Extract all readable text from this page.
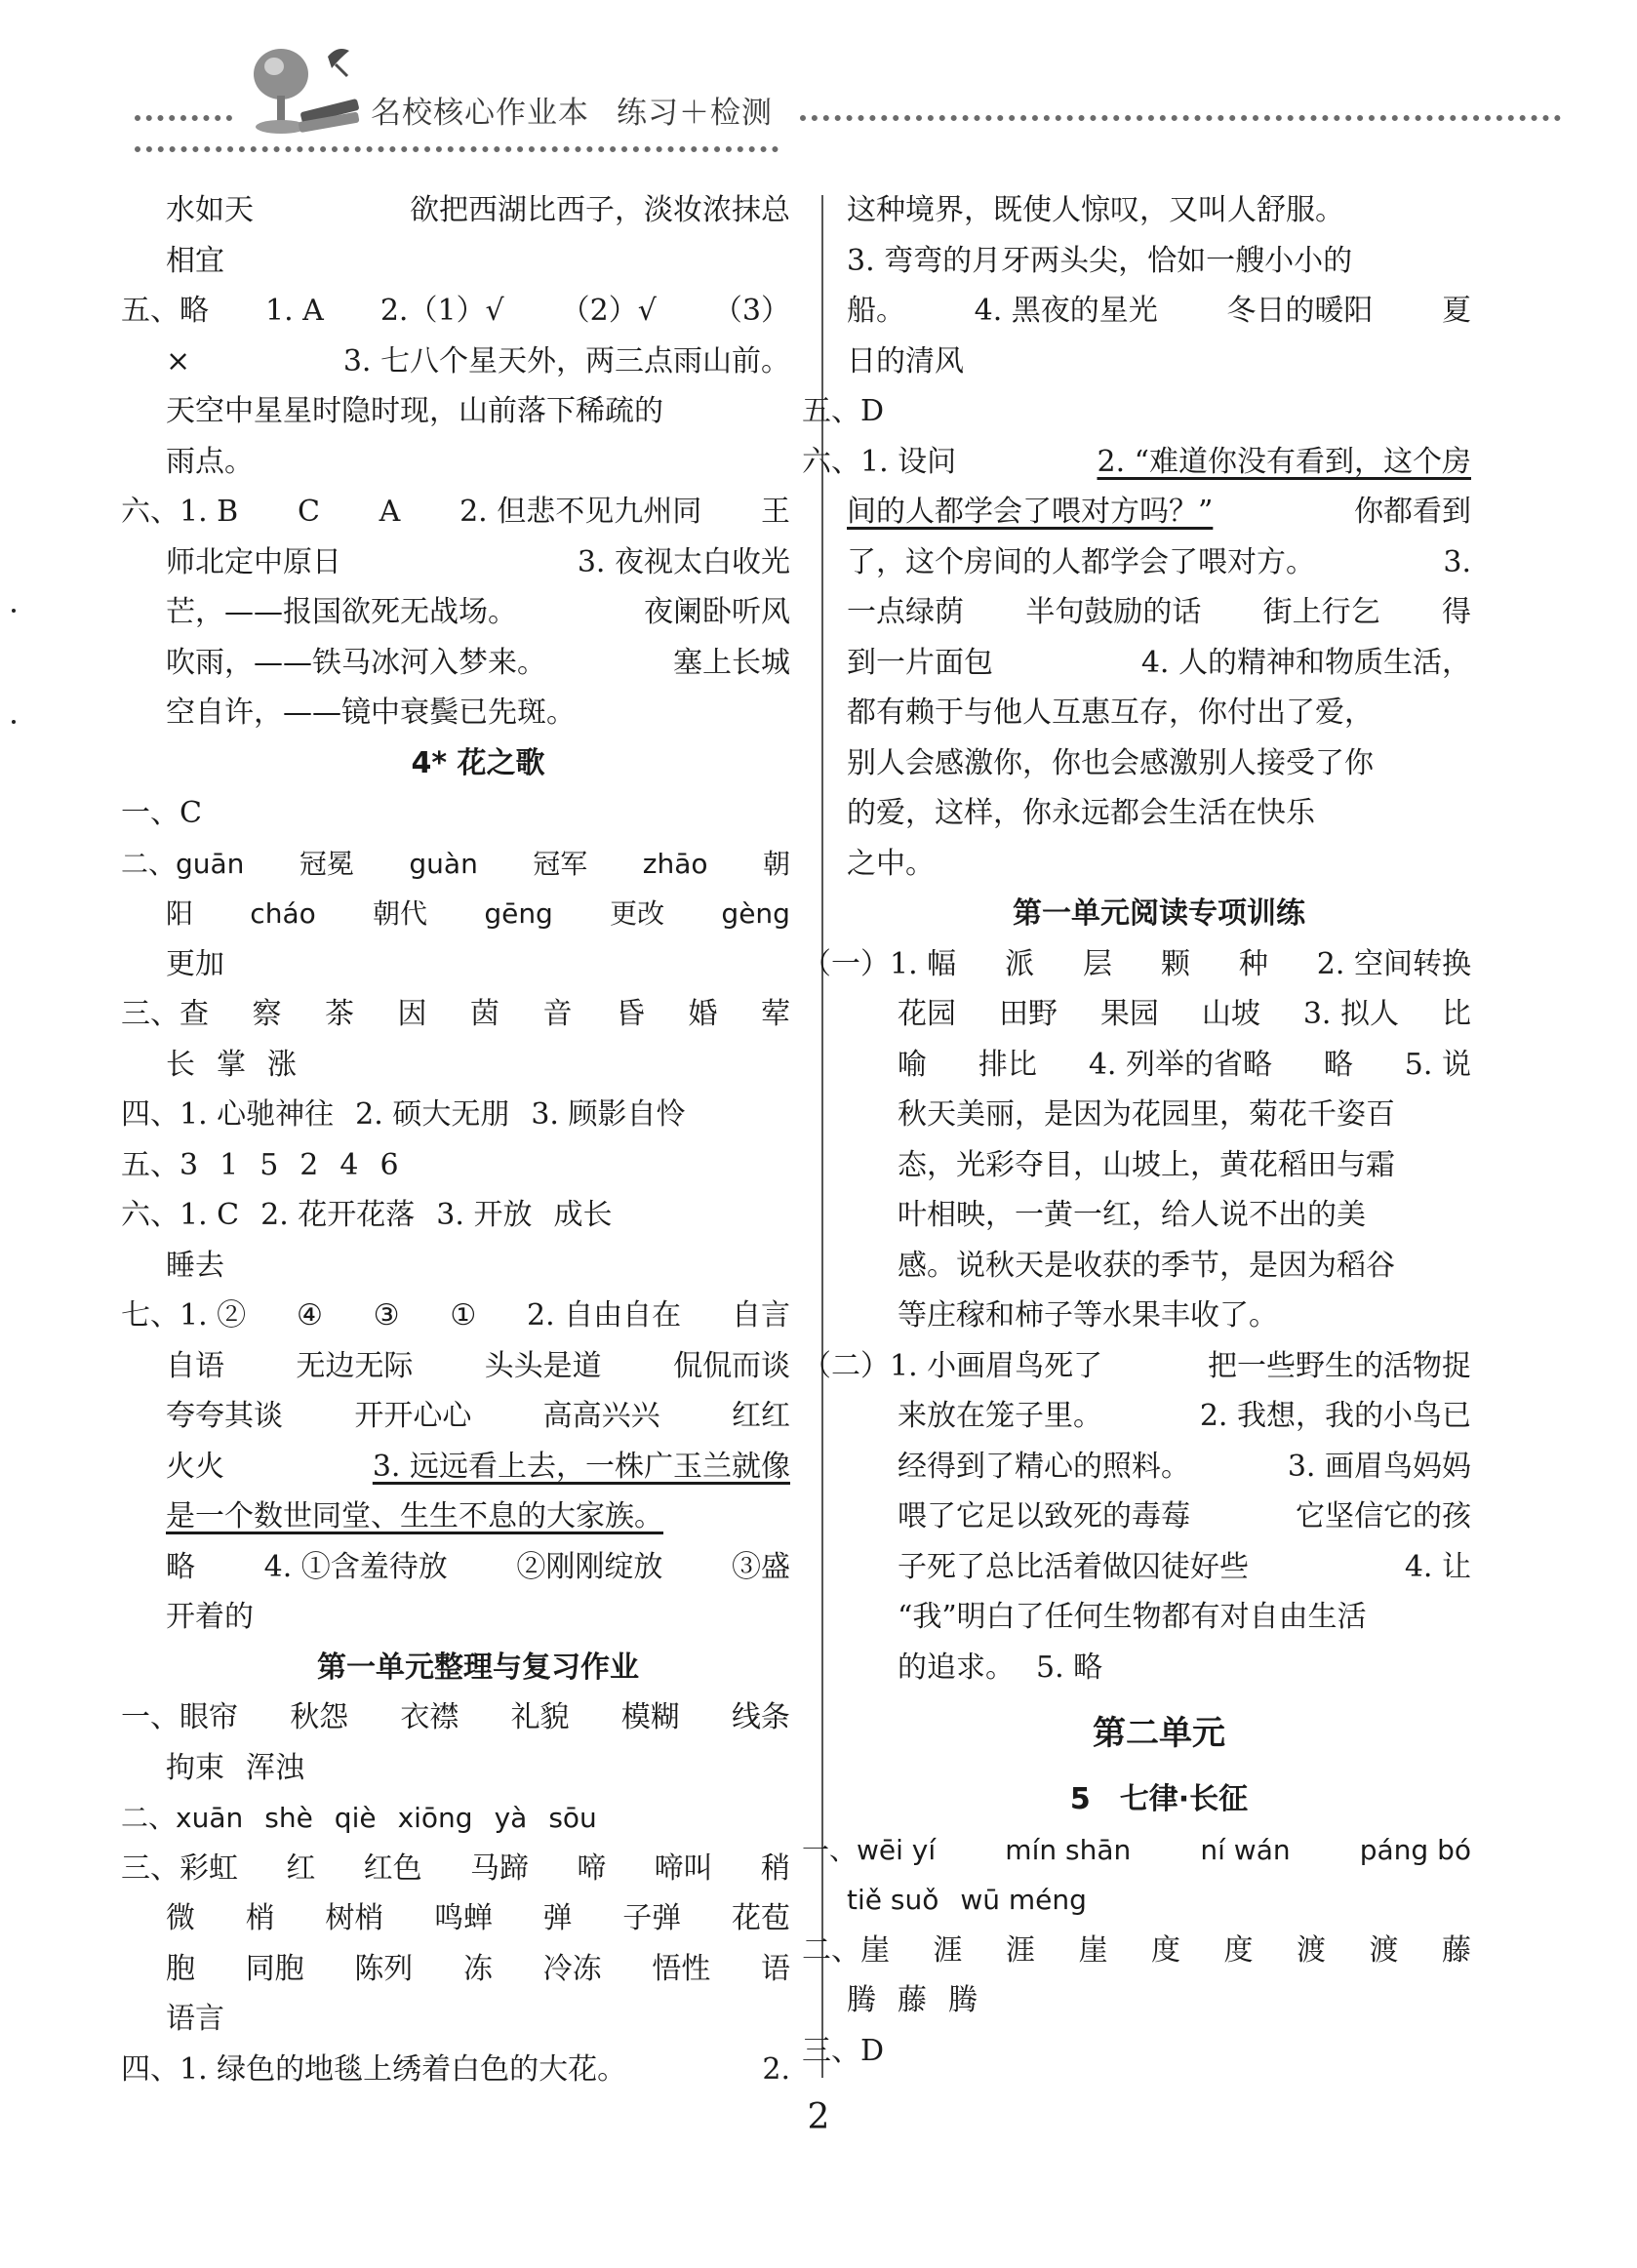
名校核心作业本 练习＋检测
水如天	欲把西湖比西子，淡妆浓抹总
相宜
五、略 1. A 2.（1）√ （2）√ （3）
×	3. 七八个星天外，两三点雨山前。
天空中星星时隐时现，山前落下稀疏的
雨点。
六、1. B C A 2. 但悲不见九州同 王
师北定中原日	3. 夜视太白收光
芒，——报国欲死无战场。	夜阑卧听风
吹雨，——铁马冰河入梦来。	塞上长城
空自许，——镜中衰鬓已先斑。
4* 花之歌
一、C
二、guān 冠冕 guàn 冠军 zhāo 朝
阳 cháo 朝代 gēng 更改 gèng
更加
三、查 察 茶 因 茵 音 昏 婚 荤
长 掌 涨
四、1. 心驰神往 2. 硕大无朋 3. 顾影自怜
五、3 1 5 2 4 6
六、1. C 2. 花开花落 3. 开放 成长
睡去
七、1. ② ④ ③ ① 2. 自由自在 自言
自语 无边无际 头头是道 侃侃而谈
夸夸其谈 开开心心 高高兴兴 红红
火火	3. 远远看上去，一株广玉兰就像
是一个数世同堂、生生不息的大家族。
略 4. ①含羞待放 ②刚刚绽放 ③盛
开着的
第一单元整理与复习作业
一、眼帘 秋怨 衣襟 礼貌 模糊 线条
拘束 浑浊
二、xuān shè qiè xiōng yà sōu
三、彩虹 红 红色 马蹄 啼 啼叫 稍
微 梢 树梢 鸣蝉 弹 子弹 花苞
胞 同胞 陈列 冻 冷冻 悟性 语
语言
四、1. 绿色的地毯上绣着白色的大花。	2.
这种境界，既使人惊叹，又叫人舒服。
3. 弯弯的月牙两头尖，恰如一艘小小的
船。 4. 黑夜的星光 冬日的暖阳 夏
日的清风
五、D
六、1. 设问	2. “难道你没有看到，这个房
间的人都学会了喂对方吗？”	你都看到
了，这个房间的人都学会了喂对方。	3.
一点绿荫 半句鼓励的话 街上行乞 得
到一片面包	4. 人的精神和物质生活，
都有赖于与他人互惠互存，你付出了爱，
别人会感激你，你也会感激别人接受了你
的爱，这样，你永远都会生活在快乐
之中。
第一单元阅读专项训练
（一）1. 幅 派 层 颗 种 2. 空间转换
花园 田野 果园 山坡 3. 拟人 比
喻 排比 4. 列举的省略 略 5. 说
秋天美丽，是因为花园里，菊花千姿百
态，光彩夺目，山坡上，黄花稻田与霜
叶相映，一黄一红，给人说不出的美
感。说秋天是收获的季节，是因为稻谷
等庄稼和柿子等水果丰收了。
（二）1. 小画眉鸟死了	把一些野生的活物捉
来放在笼子里。	2. 我想，我的小鸟已
经得到了精心的照料。	3. 画眉鸟妈妈
喂了它足以致死的毒莓	它坚信它的孩
子死了总比活着做囚徒好些	4. 让
“我”明白了任何生物都有对自由生活
的追求。 5. 略
第二单元
5　七律·长征
一、wēi yí	mín shān	ní wán	páng bó
tiě suǒ wū méng
二、崖 涯 涯 崖 度 度 渡 渡 藤
腾 藤 腾
三、D
2
